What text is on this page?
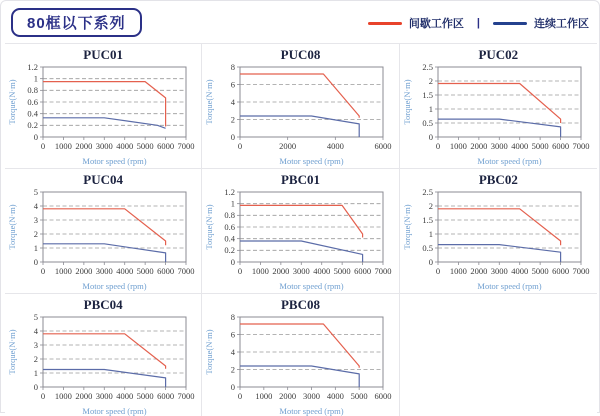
80框以下系列	间歇工作区 |	连续工作区
PUC01
0
0.2
0.4
0.6
0.8
1
1.2
0 1000 2000 3000 4000 5000 6000 7000
Motor speed (rpm)
Torque(N·m)
PUC08
0
2
4
6
8
0	2000	4000	6000
Motor speed (rpm)
Torque(N·m)
PUC02
0
0.5
1
1.5
2
2.5
0 1000 2000 3000 4000 5000 6000 7000
Motor speed (rpm)
Torque(N·m)
PUC04
0
1
2
3
4
5
0 1000 2000 3000 4000 5000 6000 7000
Motor speed (rpm)
Torque(N·m)
PBC01
0
0.2
0.4
0.6
0.8
1
1.2
0 1000 2000 3000 4000 5000 6000 7000
Motor speed (rpm)
Torque(N·m)
PBC02
0
0.5
1
1.5
2
2.5
0 1000 2000 3000 4000 5000 6000 7000
Motor speed (rpm)
Torque(N·m)
PBC04
0
1
2
3
4
5
0 1000 2000 3000 4000 5000 6000 7000
Motor speed (rpm)
Torque(N·m)
PBC08
0
2
4
6
8
0 1000 2000 3000 4000 5000 6000
Motor speed (rpm)
Torque(N·m)
